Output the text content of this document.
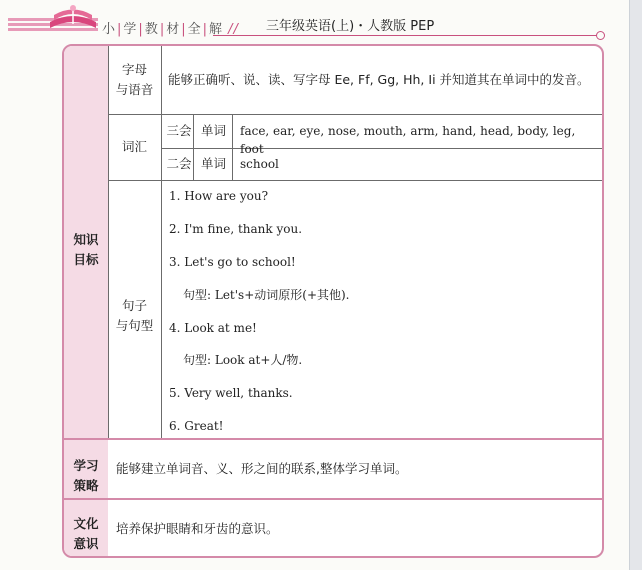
小|学|教|材|全|解 // 三年级英语(上)・人教版 PEP
知识
目标
学习
策略
文化
意识
字母
与语音
能够正确听、说、读、写字母 Ee, Ff, Gg, Hh, Ii 并知道其在单词中的发音。
词汇
三会 单词	face, ear, eye, nose, mouth, arm, hand, head, body, leg, foot
二会 单词	school
句子
与句型
1. How are you?
2. I'm fine, thank you.
3. Let's go to school!
句型: Let's+动词原形(+其他).
4. Look at me!
句型: Look at+人/物.
5. Very well, thanks.
6. Great!
能够建立单词音、义、形之间的联系,整体学习单词。
培养保护眼睛和牙齿的意识。
